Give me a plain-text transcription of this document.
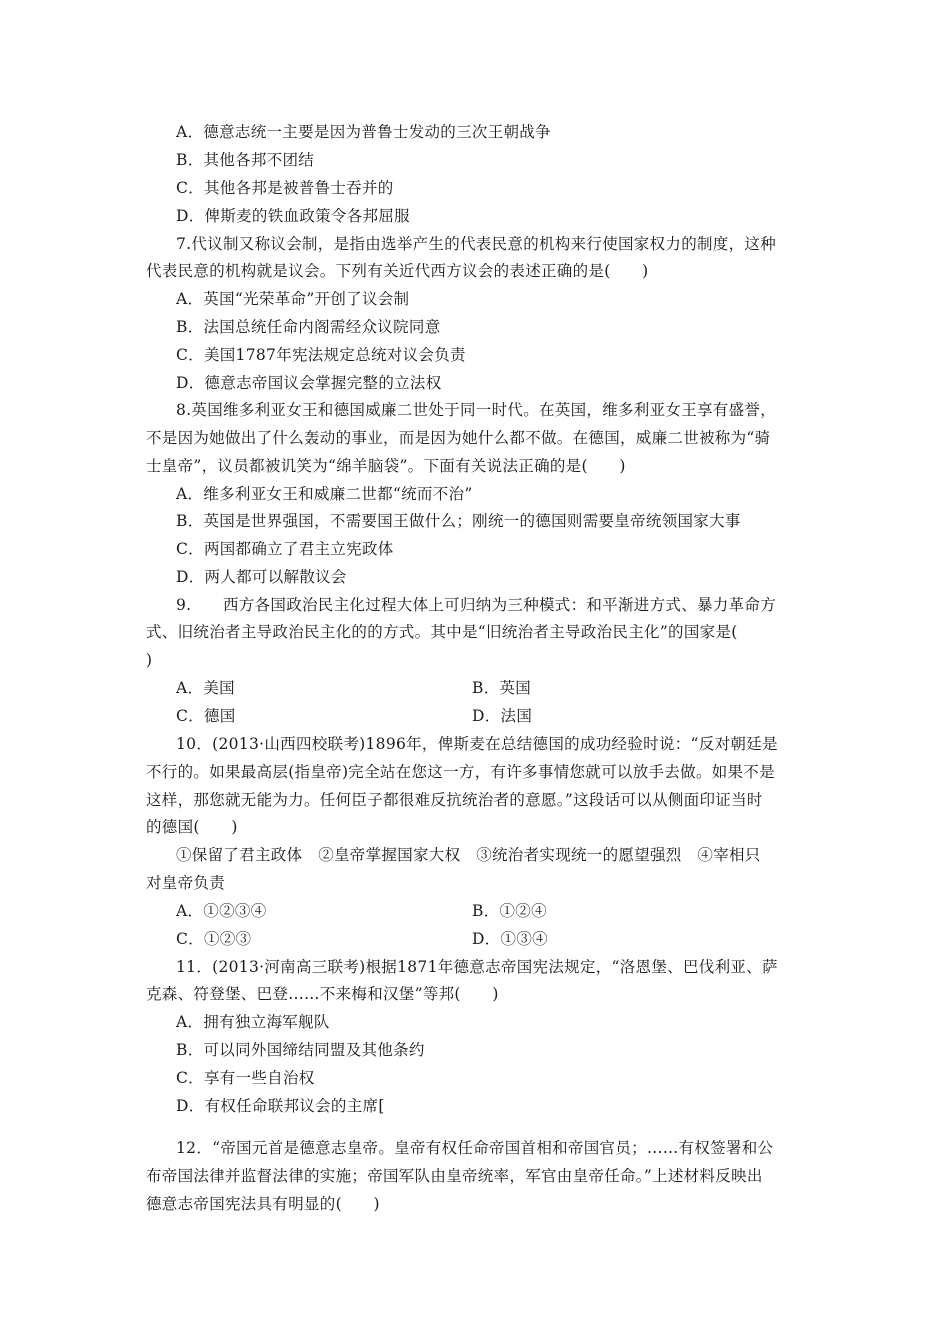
A．德意志统一主要是因为普鲁士发动的三次王朝战争
B．其他各邦不团结
C．其他各邦是被普鲁士吞并的
D．俾斯麦的铁血政策令各邦屈服
7.代议制又称议会制，是指由选举产生的代表民意的机构来行使国家权力的制度，这种
代表民意的机构就是议会。下列有关近代西方议会的表述正确的是(　　)
A．英国“光荣革命”开创了议会制
B．法国总统任命内阁需经众议院同意
C．美国1787年宪法规定总统对议会负责
D．德意志帝国议会掌握完整的立法权
8.英国维多利亚女王和德国威廉二世处于同一时代。在英国，维多利亚女王享有盛誉，
不是因为她做出了什么轰动的事业，而是因为她什么都不做。在德国，威廉二世被称为“骑
士皇帝”，议员都被讥笑为“绵羊脑袋”。下面有关说法正确的是(　　)
A．维多利亚女王和威廉二世都“统而不治”
B．英国是世界强国，不需要国王做什么；刚统一的德国则需要皇帝统领国家大事
C．两国都确立了君主立宪政体
D．两人都可以解散议会
9.　　西方各国政治民主化过程大体上可归纳为三种模式：和平渐进方式、暴力革命方
式、旧统治者主导政治民主化的的方式。其中是“旧统治者主导政治民主化”的国家是(
)
A．美国	B．英国
C．德国	D．法国
10．(2013·山西四校联考)1896年，俾斯麦在总结德国的成功经验时说：“反对朝廷是
不行的。如果最高层(指皇帝)完全站在您这一方，有许多事情您就可以放手去做。如果不是
这样，那您就无能为力。任何臣子都很难反抗统治者的意愿。”这段话可以从侧面印证当时
的德国(　　)
①保留了君主政体　②皇帝掌握国家大权　③统治者实现统一的愿望强烈　④宰相只
对皇帝负责
A．①②③④	B．①②④
C．①②③	D．①③④
11．(2013·河南高三联考)根据1871年德意志帝国宪法规定，“洛恩堡、巴伐利亚、萨
克森、符登堡、巴登……不来梅和汉堡”等邦(　　)
A．拥有独立海军舰队
B．可以同外国缔结同盟及其他条约
C．享有一些自治权
D．有权任命联邦议会的主席[
12．“帝国元首是德意志皇帝。皇帝有权任命帝国首相和帝国官员；……有权签署和公
布帝国法律并监督法律的实施；帝国军队由皇帝统率，军官由皇帝任命。”上述材料反映出
德意志帝国宪法具有明显的(　　)
